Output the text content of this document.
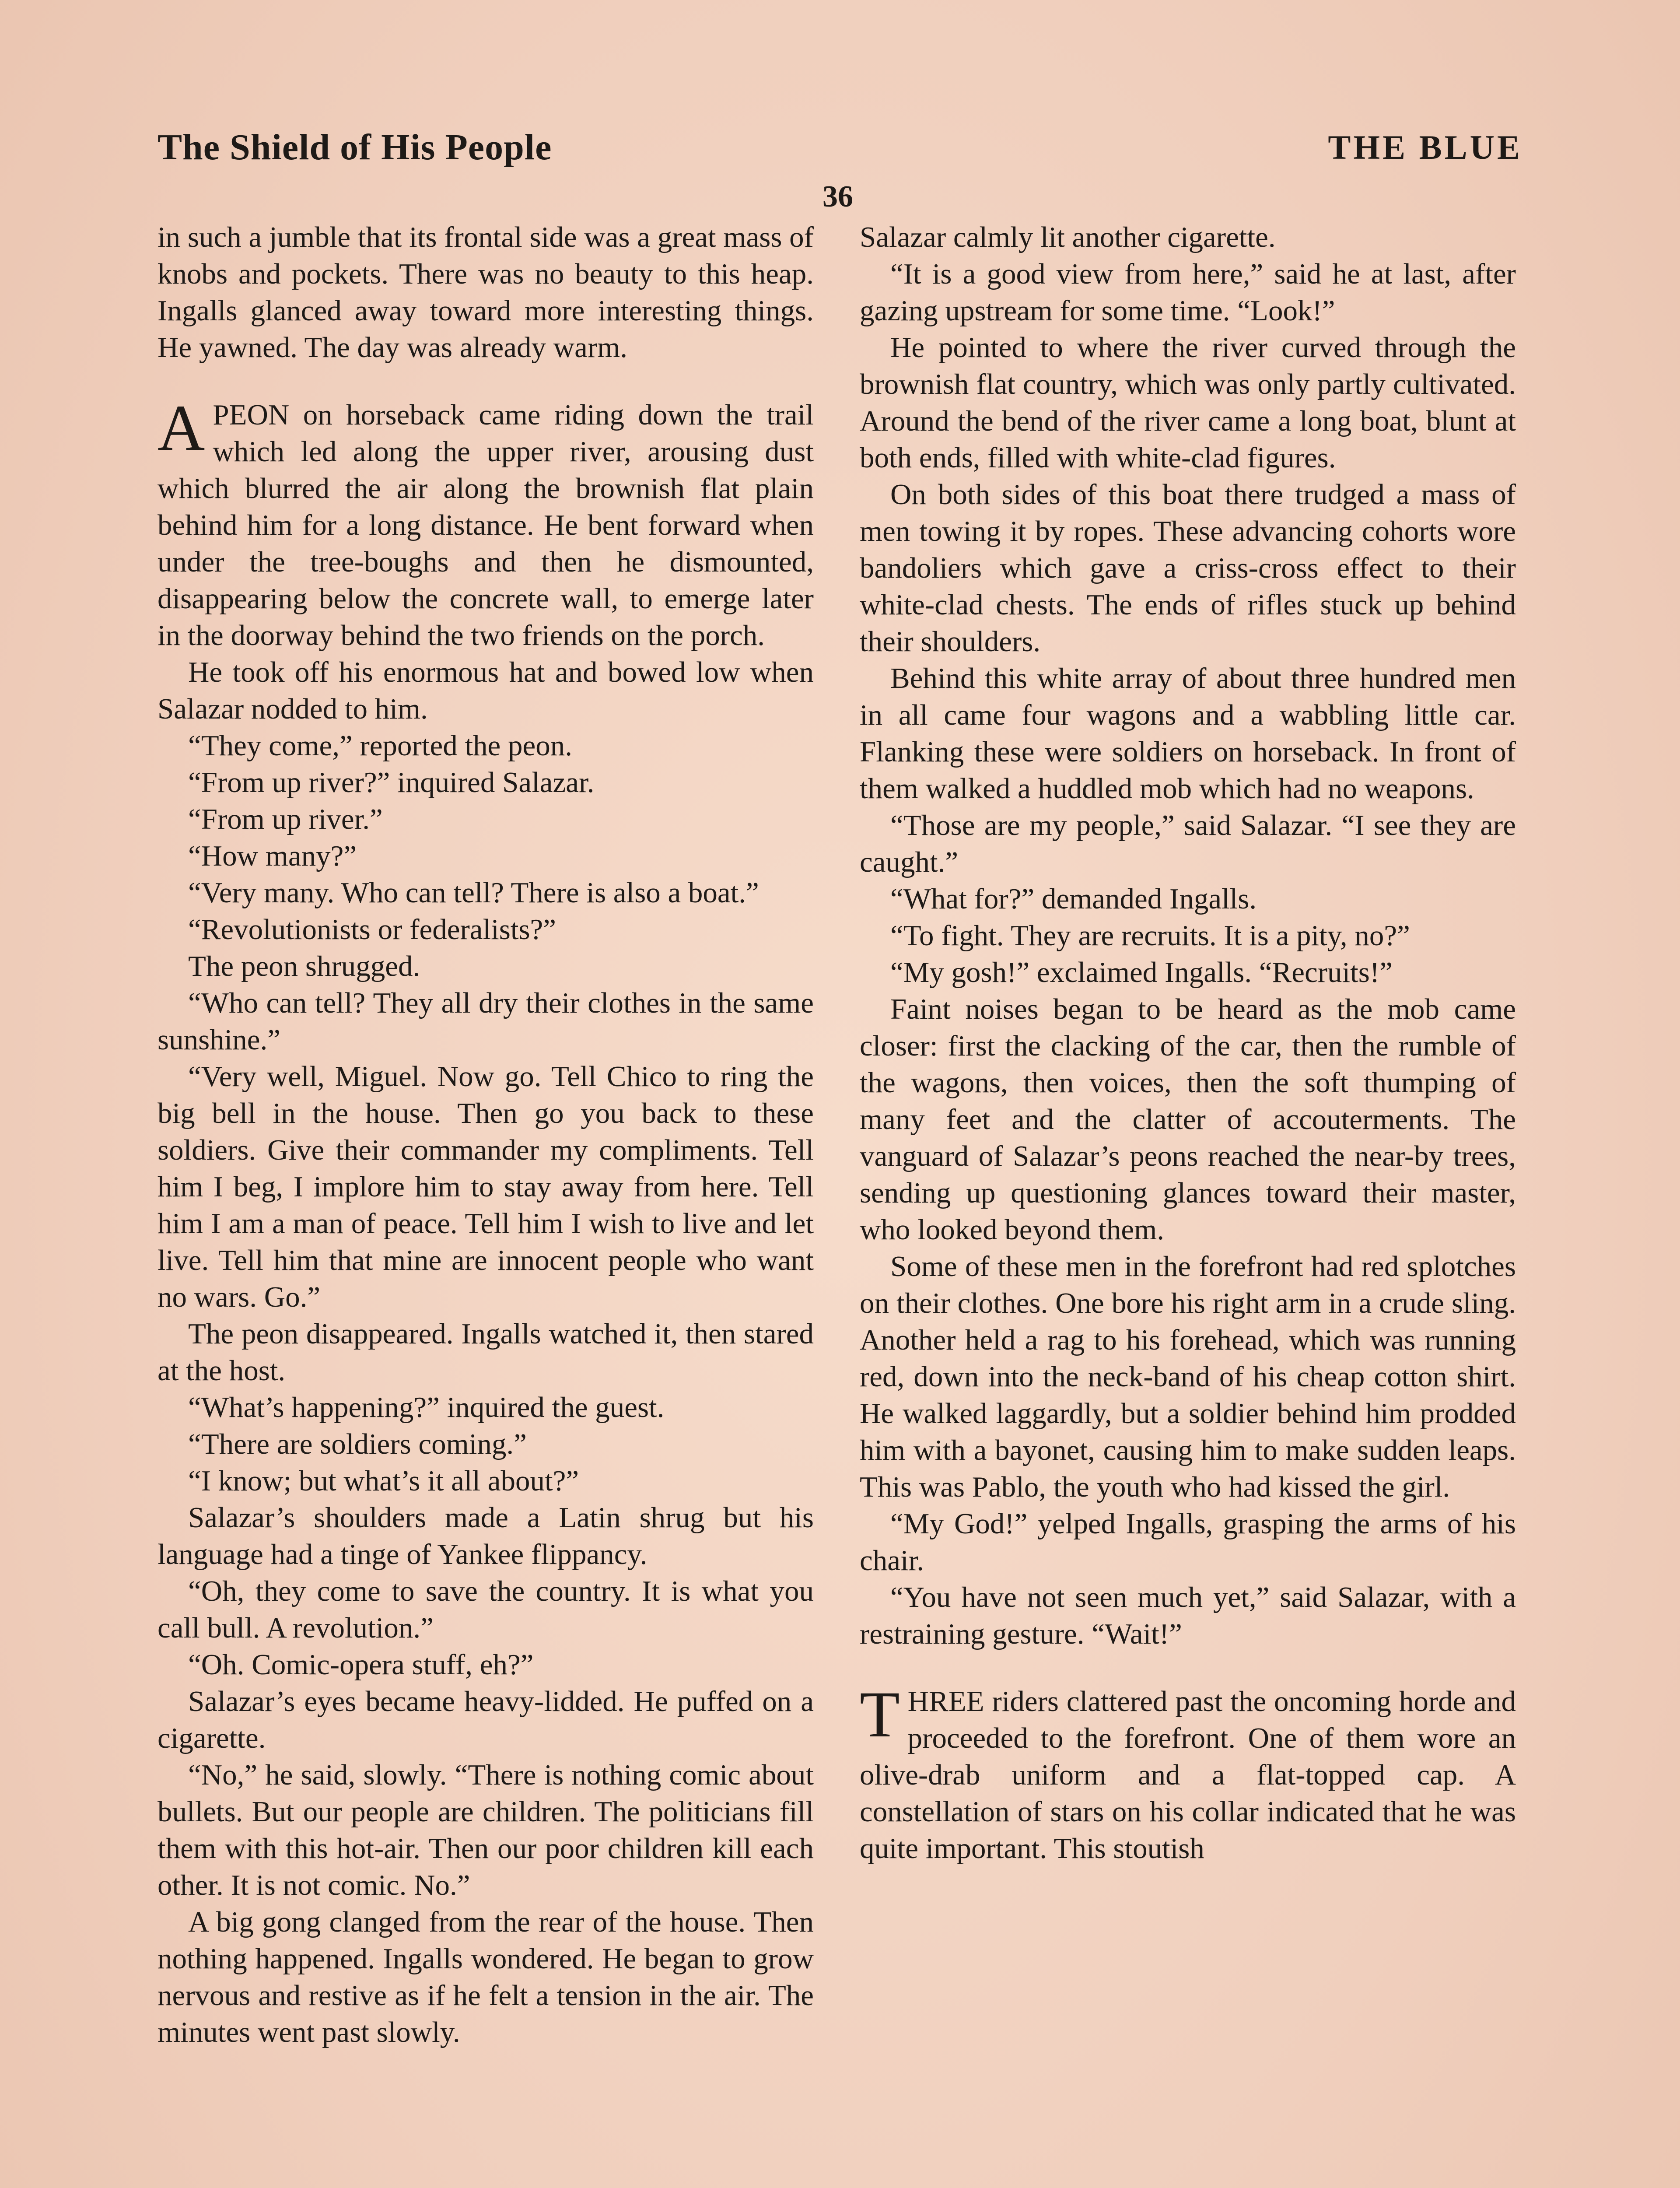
The Shield of His People	THE BLUE
36

in such a jumble that its frontal side was a great mass of knobs and pockets. There was no beauty to this heap. Ingalls glanced away toward more interesting things. He yawned. The day was already warm.

APEON on horseback came riding down the trail which led along the upper river, arousing dust which blurred the air along the brownish flat plain behind him for a long distance. He bent forward when under the tree-boughs and then he dismounted, disappearing below the concrete wall, to emerge later in the doorway behind the two friends on the porch.

He took off his enormous hat and bowed low when Salazar nodded to him.

“They come,” reported the peon.

“From up river?” inquired Salazar.

“From up river.”

“How many?”

“Very many. Who can tell? There is also a boat.”

“Revolutionists or federalists?”

The peon shrugged.

“Who can tell? They all dry their clothes in the same sunshine.”

“Very well, Miguel. Now go. Tell Chico to ring the big bell in the house. Then go you back to these soldiers. Give their commander my compliments. Tell him I beg, I implore him to stay away from here. Tell him I am a man of peace. Tell him I wish to live and let live. Tell him that mine are innocent people who want no wars. Go.”

The peon disappeared. Ingalls watched it, then stared at the host.

“What’s happening?” inquired the guest.

“There are soldiers coming.”

“I know; but what’s it all about?”

Salazar’s shoulders made a Latin shrug but his language had a tinge of Yankee flippancy.

“Oh, they come to save the country. It is what you call bull. A revolution.”

“Oh. Comic-opera stuff, eh?”

Salazar’s eyes became heavy-lidded. He puffed on a cigarette.

“No,” he said, slowly. “There is nothing comic about bullets. But our people are children. The politicians fill them with this hot-air. Then our poor children kill each other. It is not comic. No.”

A big gong clanged from the rear of the house. Then nothing happened. Ingalls wondered. He began to grow nervous and restive as if he felt a tension in the air. The minutes went past slowly.

Salazar calmly lit another cigarette.

“It is a good view from here,” said he at last, after gazing upstream for some time. “Look!”

He pointed to where the river curved through the brownish flat country, which was only partly cultivated. Around the bend of the river came a long boat, blunt at both ends, filled with white-clad figures.

On both sides of this boat there trudged a mass of men towing it by ropes. These advancing cohorts wore bandoliers which gave a criss-cross effect to their white-clad chests. The ends of rifles stuck up behind their shoulders.

Behind this white array of about three hundred men in all came four wagons and a wabbling little car. Flanking these were soldiers on horseback. In front of them walked a huddled mob which had no weapons.

“Those are my people,” said Salazar. “I see they are caught.”

“What for?” demanded Ingalls.

“To fight. They are recruits. It is a pity, no?”

“My gosh!” exclaimed Ingalls. “Recruits!”

Faint noises began to be heard as the mob came closer: first the clacking of the car, then the rumble of the wagons, then voices, then the soft thumping of many feet and the clatter of accouterments. The vanguard of Salazar’s peons reached the near-by trees, sending up questioning glances toward their master, who looked beyond them.

Some of these men in the forefront had red splotches on their clothes. One bore his right arm in a crude sling. Another held a rag to his forehead, which was running red, down into the neck-band of his cheap cotton shirt. He walked laggardly, but a soldier behind him prodded him with a bayonet, causing him to make sudden leaps. This was Pablo, the youth who had kissed the girl.

“My God!” yelped Ingalls, grasping the arms of his chair.

“You have not seen much yet,” said Salazar, with a restraining gesture. “Wait!”

THREE riders clattered past the oncoming horde and proceeded to the forefront. One of them wore an olive-drab uniform and a flat-topped cap. A constellation of stars on his collar indicated that he was quite important. This stoutish
